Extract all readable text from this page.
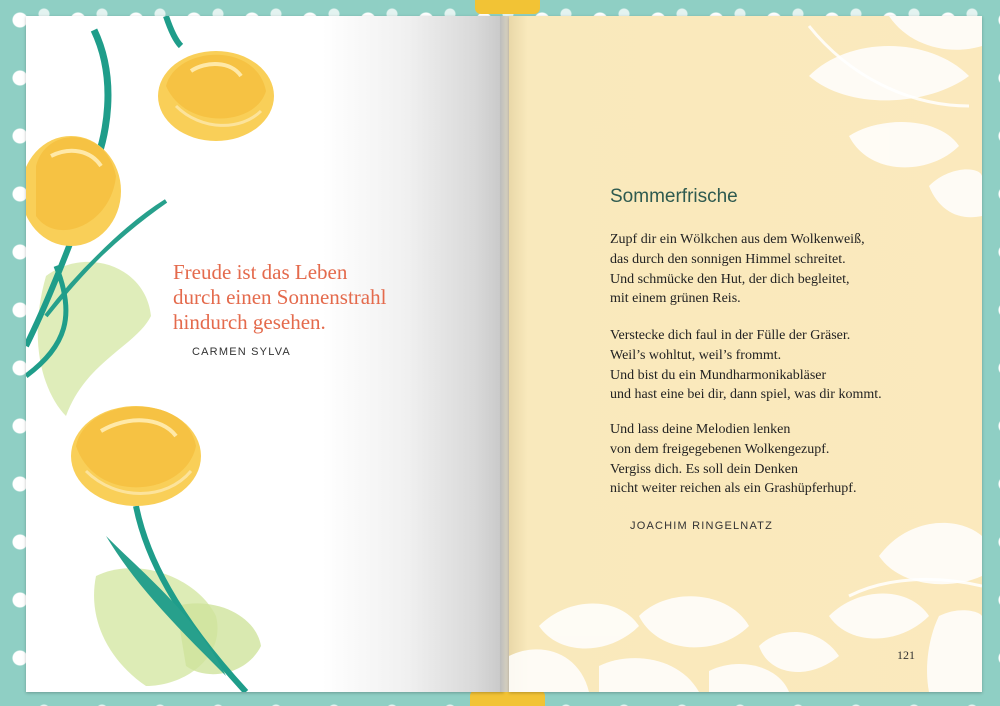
Freude ist das Leben
durch einen Sonnenstrahl
hindurch gesehen.
CARMEN SYLVA
Sommerfrische
Zupf dir ein Wölkchen aus dem Wolkenweiß,
das durch den sonnigen Himmel schreitet.
Und schmücke den Hut, der dich begleitet,
mit einem grünen Reis.
Verstecke dich faul in der Fülle der Gräser.
Weil’s wohltut, weil’s frommt.
Und bist du ein Mundharmonikabläser
und hast eine bei dir, dann spiel, was dir kommt.
Und lass deine Melodien lenken
von dem freigegebenen Wolkengezupf.
Vergiss dich. Es soll dein Denken
nicht weiter reichen als ein Grashüpferhupf.
JOACHIM RINGELNATZ
121
